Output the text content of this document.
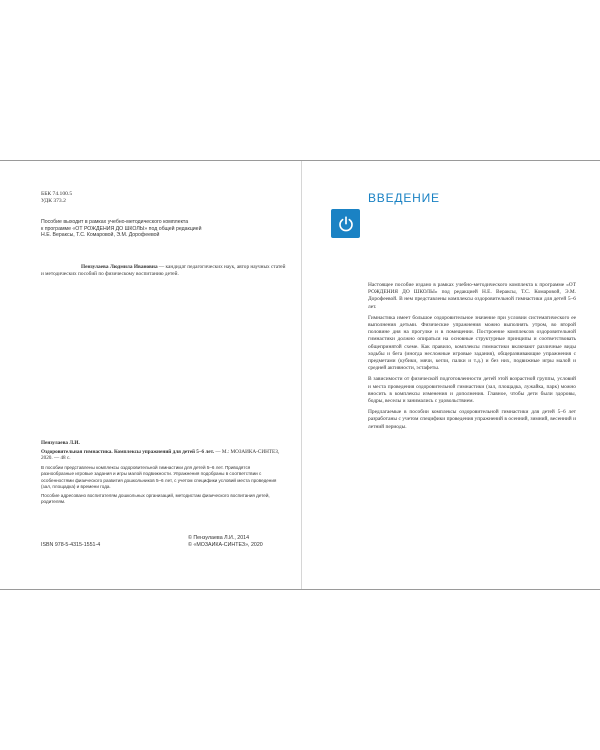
ББК 74.100.5
УДК 373.2
Пособие выходит в рамках учебно-методического комплекта
к программе «ОТ РОЖДЕНИЯ ДО ШКОЛЫ» под общей редакцией
Н.Е. Вераксы, Т.С. Комаровой, Э.М. Дорофеевой
Пензулаева Людмила Ивановна — кандидат педагогических наук, автор научных статей и методических пособий по физическому воспитанию детей.

Пензулаева Л.И.

Оздоровительная гимнастика. Комплексы упражнений для детей 5–6 лет. — М.: МОЗАИКА-СИНТЕЗ, 2020. — 48 с.

В пособии представлены комплексы оздоровительной гимнастики для детей 5–6 лет. Приводятся разнообразные игровые задания и игры малой подвижности. Упражнения подобраны в соответствии с особенностями физического развития дошкольников 5–6 лет, с учетом специфики условий места проведения (зал, площадка) и времени года.

Пособие адресовано воспитателям дошкольных организаций, методистам физического воспитания детей, родителям.

© Пензулаева Л.И., 2014
© «МОЗАИКА-СИНТЕЗ», 2020
ISBN 978-5-4315-1551-4
ВВЕДЕНИЕ

Настоящее пособие издано в рамках учебно-методического комплекта к программе «ОТ РОЖДЕНИЯ ДО ШКОЛЫ» под редакцией Н.Е. Вераксы, Т.С. Комаровой, Э.М. Дорофеевой. В нем представлены комплексы оздоровительной гимнастики для детей 5–6 лет.

Гимнастика имеет большое оздоровительное значение при условии систематического ее выполнения детьми. Физические упражнения можно выполнять утром, во второй половине дня на прогулке и в помещении. Построение комплексов оздоровительной гимнастики должно опираться на основные структурные принципы и соответствовать общепринятой схеме. Как правило, комплексы гимнастики включают различные виды ходьбы и бега (иногда несложные игровые задания), общеразвивающие упражнения с предметами (кубики, мячи, кегли, палки и т.д.) и без них, подвижные игры малой и средней активности, эстафеты.

В зависимости от физической подготовленности детей этой возрастной группы, условий и места проведения оздоровительной гимнастики (зал, площадка, лужайка, парк) можно вносить в комплексы изменения и дополнения. Главное, чтобы дети были здоровы, бодры, веселы и занимались с удовольствием.

Предлагаемые в пособии комплексы оздоровительной гимнастики для детей 5–6 лет разработаны с учетом специфики проведения упражнений в осенний, зимний, весенний и летний периоды.
